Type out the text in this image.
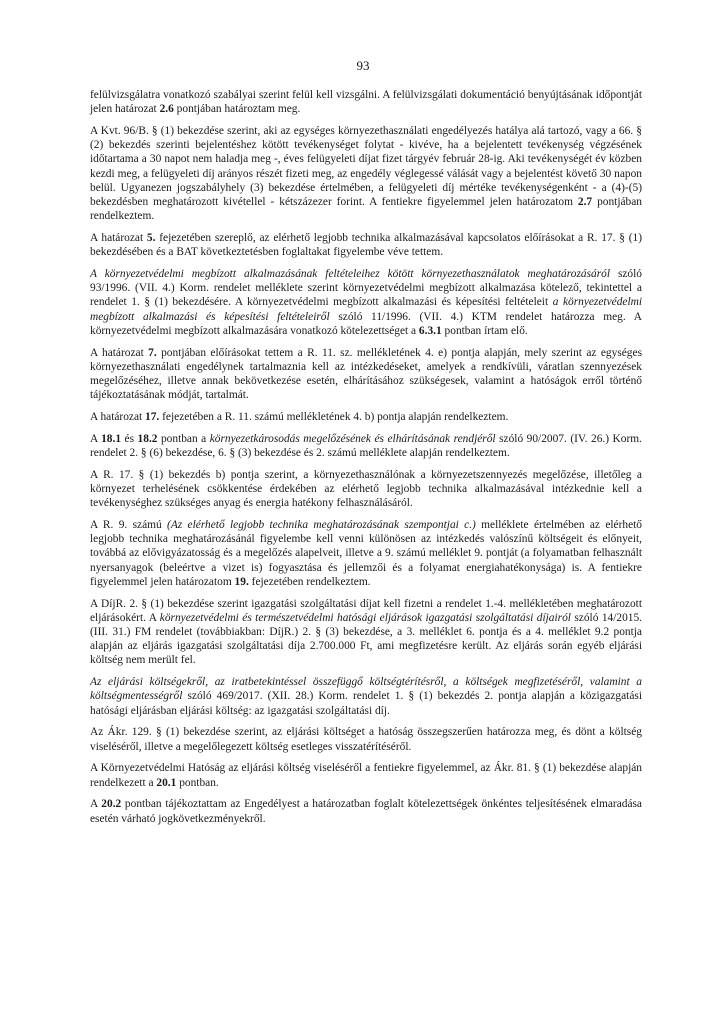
93

felülvizsgálatra vonatkozó szabályai szerint felül kell vizsgálni. A felülvizsgálati dokumentáció benyújtásának időpontját jelen határozat 2.6 pontjában határoztam meg.

A Kvt. 96/B. § (1) bekezdése szerint, aki az egységes környezethasználati engedélyezés hatálya alá tartozó, vagy a 66. § (2) bekezdés szerinti bejelentéshez kötött tevékenységet folytat - kivéve, ha a bejelentett tevékenység végzésének időtartama a 30 napot nem haladja meg -, éves felügyeleti díjat fizet tárgyév február 28-ig. Aki tevékenységét év közben kezdi meg, a felügyeleti díj arányos részét fizeti meg, az engedély véglegessé válását vagy a bejelentést követő 30 napon belül. Ugyanezen jogszabályhely (3) bekezdése értelmében, a felügyeleti díj mértéke tevékenységenként - a (4)-(5) bekezdésben meghatározott kivétellel - kétszázezer forint. A fentiekre figyelemmel jelen határozatom 2.7 pontjában rendelkeztem.

A határozat 5. fejezetében szereplő, az elérhető legjobb technika alkalmazásával kapcsolatos előírásokat a R. 17. § (1) bekezdésében és a BAT következtetésben foglaltakat figyelembe véve tettem.

A környezetvédelmi megbízott alkalmazásának feltételeihez kötött környezethasználatok meghatározásáról szóló 93/1996. (VII. 4.) Korm. rendelet melléklete szerint környezetvédelmi megbízott alkalmazása kötelező, tekintettel a rendelet 1. § (1) bekezdésére. A környezetvédelmi megbízott alkalmazási és képesítési feltételeit a környezetvédelmi megbízott alkalmazási és képesítési feltételeiről szóló 11/1996. (VII. 4.) KTM rendelet határozza meg. A környezetvédelmi megbízott alkalmazására vonatkozó kötelezettséget a 6.3.1 pontban írtam elő.

A határozat 7. pontjában előírásokat tettem a R. 11. sz. mellékletének 4. e) pontja alapján, mely szerint az egységes környezethasználati engedélynek tartalmaznia kell az intézkedéseket, amelyek a rendkívüli, váratlan szennyezések megelőzéséhez, illetve annak bekövetkezése esetén, elhárításához szükségesek, valamint a hatóságok erről történő tájékoztatásának módját, tartalmát.

A határozat 17. fejezetében a R. 11. számú mellékletének 4. b) pontja alapján rendelkeztem.

A 18.1 és 18.2 pontban a környezetkárosodás megelőzésének és elhárításának rendjéről szóló 90/2007. (IV. 26.) Korm. rendelet 2. § (6) bekezdése, 6. § (3) bekezdése és 2. számú melléklete alapján rendelkeztem.

A R. 17. § (1) bekezdés b) pontja szerint, a környezethasználónak a környezetszennyezés megelőzése, illetőleg a környezet terhelésének csökkentése érdekében az elérhető legjobb technika alkalmazásával intézkednie kell a tevékenységhez szükséges anyag és energia hatékony felhasználásáról.

A R. 9. számú (Az elérhető legjobb technika meghatározásának szempontjai c.) melléklete értelmében az elérhető legjobb technika meghatározásánál figyelembe kell venni különösen az intézkedés valószínű költségeit és előnyeit, továbbá az elővigyázatosság és a megelőzés alapelveit, illetve a 9. számú melléklet 9. pontját (a folyamatban felhasznált nyersanyagok (beleértve a vizet is) fogyasztása és jellemzői és a folyamat energiahatékonysága) is. A fentiekre figyelemmel jelen határozatom 19. fejezetében rendelkeztem.

A DíjR. 2. § (1) bekezdése szerint igazgatási szolgáltatási díjat kell fizetni a rendelet 1.-4. mellékletében meghatározott eljárásokért. A környezetvédelmi és természetvédelmi hatósági eljárások igazgatási szolgáltatási díjairól szóló 14/2015. (III. 31.) FM rendelet (továbbiakban: DíjR.) 2. § (3) bekezdése, a 3. melléklet 6. pontja és a 4. melléklet 9.2 pontja alapján az eljárás igazgatási szolgáltatási díja 2.700.000 Ft, ami megfizetésre került. Az eljárás során egyéb eljárási költség nem merült fel.

Az eljárási költségekről, az iratbetekintéssel összefüggő költségtérítésről, a költségek megfizetéséről, valamint a költségmentességről szóló 469/2017. (XII. 28.) Korm. rendelet 1. § (1) bekezdés 2. pontja alapján a közigazgatási hatósági eljárásban eljárási költség: az igazgatási szolgáltatási díj.

Az Ákr. 129. § (1) bekezdése szerint, az eljárási költséget a hatóság összegszerűen határozza meg, és dönt a költség viseléséről, illetve a megelőlegezett költség esetleges visszatérítéséről.

A Környezetvédelmi Hatóság az eljárási költség viseléséről a fentiekre figyelemmel, az Ákr. 81. § (1) bekezdése alapján rendelkezett a 20.1 pontban.

A 20.2 pontban tájékoztattam az Engedélyest a határozatban foglalt kötelezettségek önkéntes teljesítésének elmaradása esetén várható jogkövetkezményekről.
